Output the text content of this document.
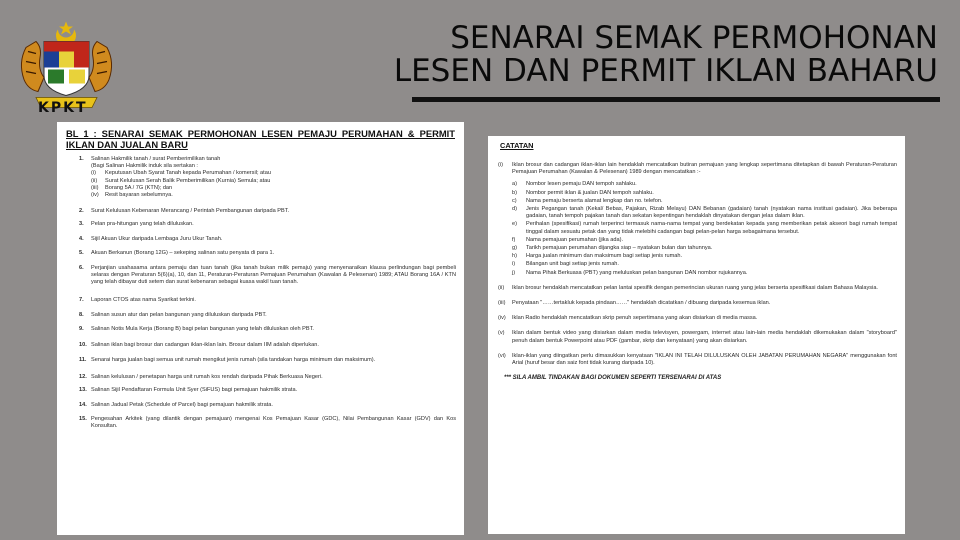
KPKT
SENARAI SEMAK PERMOHONAN LESEN DAN PERMIT IKLAN BAHARU
BL 1 : SENARAI SEMAK PERMOHONAN LESEN PEMAJU PERUMAHAN & PERMIT IKLAN DAN JUALAN BARU
1.	Salinan Hakmilik tanah / surat Pemberimilikan tanah
(Bagi Salinan Hakmilik induk sila sertakan :
(i)	Keputusan Ubah Syarat Tanah kepada Perumahan / komersil; atau
(ii)	Surat Kelulusan Serah Balik Pemberimilikan (Kurnia) Semula; atau
(iii)	Borang 5A / 7G (KTN); dan
(iv)	Resit bayaran sebelumnya.
2.	Surat Kelulusan Kebenaran Merancang / Perintah Pembangunan daripada PBT.
3.	Pelan pra-hitungan yang telah diluluskan.
4.	Sijil Akuan Ukur daripada Lembaga Juru Ukur Tanah.
5.	Akuan Berkanun (Borang 12G) – sekeping salinan satu penyata di para 1.
6.	Perjanjian usahasama antara pemaju dan tuan tanah (jika tanah bukan milik pemaju) yang menyenaraikan klausa perlindungan bagi pembeli selaras dengan Peraturan 5(6)(a), 10, dan 11, Peraturan-Peraturan Pemajuan Perumahan (Kawalan & Pelesenan) 1989; ATAU Borang 16A / KTN yang telah dibayar duti setem dan surat kebenaran sebagai kuasa wakil tuan tanah.
7.	Laporan CTOS atas nama Syarikat terkini.
8.	Salinan susun atur dan pelan bangunan yang diluluskan daripada PBT.
9.	Salinan Notis Mula Kerja (Borang B) bagi pelan bangunan yang telah diluluskan oleh PBT.
10. Salinan iklan bagi brosur dan cadangan iklan-iklan lain. Brosur dalam IIM adalah diperlukan.
11. Senarai harga jualan bagi semua unit rumah mengikut jenis rumah (sila tandakan harga minimum dan maksimum).
12. Salinan kelulusan / penetapan harga unit rumah kos rendah daripada Pihak Berkuasa Negeri.
13. Salinan Sijil Pendaftaran Formula Unit Syer (SiFUS) bagi pemajuan hakmilik strata.
14. Salinan Jadual Petak (Schedule of Parcel) bagi pemajuan hakmilik strata.
15. Pengesahan Arkitek (yang dilantik dengan pemajuan) mengenai Kos Pemajuan Kasar (GDC), Nilai Pembangunan Kasar (GDV) dan Kos Konsultan.
CATATAN
(i)	Iklan brosur dan cadangan iklan-iklan lain hendaklah mencatatkan butiran pemajuan yang lengkap sepertimana ditetapkan di bawah Peraturan-Peraturan Pemajuan Perumahan (Kawalan & Pelesenan) 1989 dengan mencatatkan :-
a)	Nombor lesen pemaju DAN tempoh sahlaku.
b)	Nombor permit iklan & jualan DAN tempoh sahlaku.
c)	Nama pemaju berserta alamat lengkap dan no. telefon.
d)	Jenis Pegangan tanah (Kekal/ Bebas, Pajakan, Rizab Melayu) DAN Bebanan (gadaian) tanah (nyatakan nama institusi gadaian). Jika beberapa gadaian, tanah tempoh pajakan tanah dan sekatan kepentingan hendaklah dinyatakan dengan jelas dalam iklan.
e)	Perihalan (spesifikasi) rumah terperinci termasuk nama-nama tempat yang berdekatan kepada yang memberikan petak akseori bagi rumah tempat tinggal dalam sesuatu petak dan yang tidak melebihi cadangan bagi pelan-pelan harga sebagaimana tersebut.
f)	Nama pemajuan perumahan (jika ada).
g)	Tarikh pemajuan perumahan dijangka siap – nyatakan bulan dan tahunnya.
h)	Harga jualan minimum dan maksimum bagi setiap jenis rumah.
i)	Bilangan unit bagi setiap jenis rumah.
j)	Nama Pihak Berkuasa (PBT) yang meluluskan pelan bangunan DAN nombor rujukannya.
(ii)	Iklan brosur hendaklah mencatatkan pelan lantai spesifik dengan pemerincian ukuran ruang yang jelas berserta spesifikasi dalam Bahasa Malaysia.
(iii)	Penyataan "……tertakluk kepada pindaan……" hendaklah dicatatkan / dibuang daripada kesemua iklan.
(iv)	Iklan Radio hendaklah mencatatkan skrip penuh sepertimana yang akan disiarkan di media massa.
(v)	Iklan dalam bentuk video yang disiarkan dalam media televisyen, powergam, internet atau lain-lain media hendaklah dikemukakan dalam "storyboard" penuh dalam bentuk Powerpoint atau PDF (gambar, skrip dan kenyataan) yang akan disiarkan.
(vi)	Iklan-iklan yang diingatkan perlu dimasukkan kenyataan "IKLAN INI TELAH DILULUSKAN OLEH JABATAN PERUMAHAN NEGARA" menggunakan font Arial (huruf besar dan saiz font tidak kurang daripada 10).
*** SILA AMBIL TINDAKAN BAGI DOKUMEN SEPERTI TERSENARAI DI ATAS
